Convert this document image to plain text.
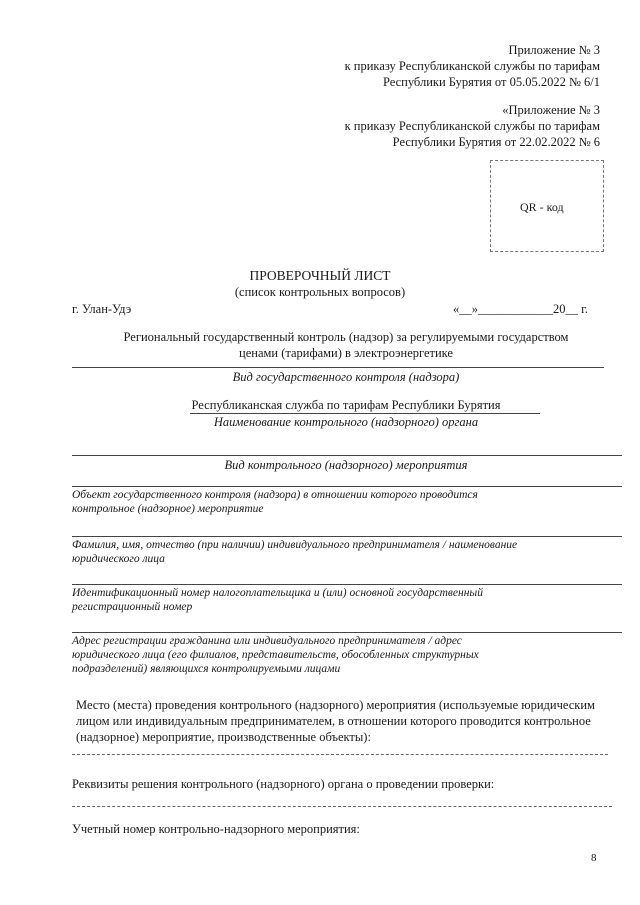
Приложение № 3
к приказу Республиканской службы по тарифам
Республики Бурятия от 05.05.2022 № 6/1
«Приложение № 3
к приказу Республиканской службы по тарифам
Республики Бурятия от 22.02.2022 № 6
QR - код
ПРОВЕРОЧНЫЙ ЛИСТ
(список контрольных вопросов)
г. Улан-Удэ	«__»____________20__ г.
Региональный государственный контроль (надзор) за регулируемыми государством
ценами (тарифами) в электроэнергетике
Вид государственного контроля (надзора)
Республиканская служба по тарифам Республики Бурятия
Наименование контрольного (надзорного) органа
Вид контрольного (надзорного) мероприятия
Объект государственного контроля (надзора) в отношении которого проводится
контрольное (надзорное) мероприятие
Фамилия, имя, отчество (при наличии) индивидуального предпринимателя / наименование
юридического лица
Идентификационный номер налогоплательщика и (или) основной государственный
регистрационный номер
Адрес регистрации гражданина или индивидуального предпринимателя / адрес
юридического лица (его филиалов, представительств, обособленных структурных
подразделений) являющихся контролируемыми лицами
Место (места) проведения контрольного (надзорного) мероприятия (используемые юридическим
лицом или индивидуальным предпринимателем, в отношении которого проводится контрольное
(надзорное) мероприятие, производственные объекты):
Реквизиты решения контрольного (надзорного) органа о проведении проверки:
Учетный номер контрольно-надзорного мероприятия:
8
